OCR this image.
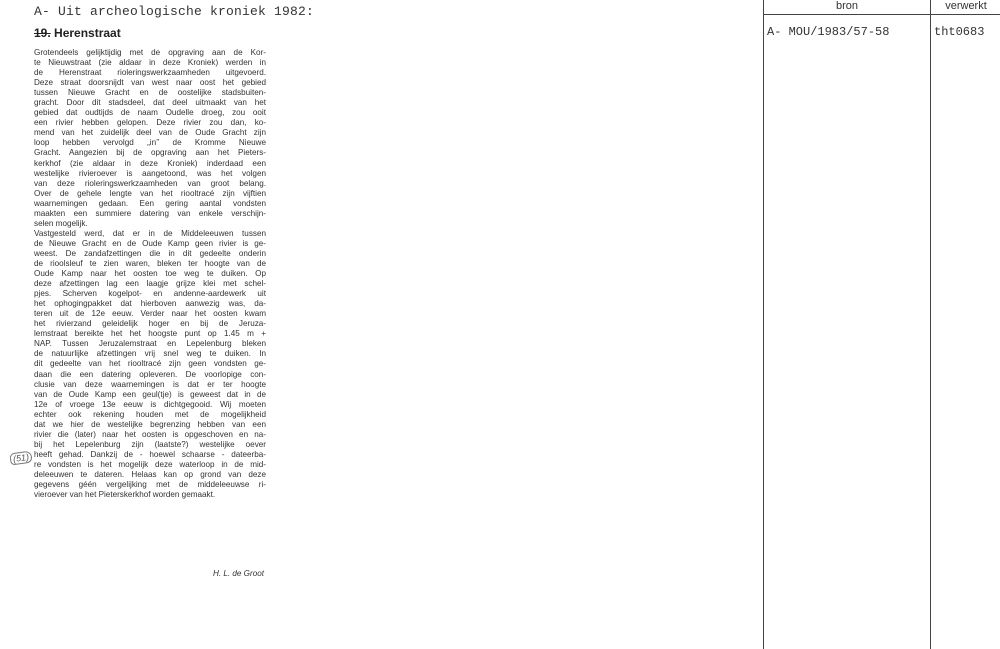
A- Uit archeologische kroniek 1982:
19. Herenstraat
Grotendeels gelijktijdig met de opgraving aan de Kor-
te Nieuwstraat (zie aldaar in deze Kroniek) werden in
de Herenstraat rioleringswerkzaamheden uitgevoerd.
Deze straat doorsnijdt van west naar oost het gebied
tussen Nieuwe Gracht en de oostelijke stadsbuiten-
gracht. Door dit stadsdeel, dat deel uitmaakt van het
gebied dat oudtijds de naam Oudelle droeg, zou ooit
een rivier hebben gelopen. Deze rivier zou dan, ko-
mend van het zuidelijk deel van de Oude Gracht zijn
loop hebben vervolgd „in’’ de Kromme Nieuwe
Gracht. Aangezien bij de opgraving aan het Pieters-
kerkhof (zie aldaar in deze Kroniek) inderdaad een
westelijke rivieroever is aangetoond, was het volgen
van deze rioleringswerkzaamheden van groot belang.
Over de gehele lengte van het riooltracé zijn vijftien
waarnemingen gedaan. Een gering aantal vondsten
maakten een summiere datering van enkele verschijn-
selen mogelijk.
Vastgesteld werd, dat er in de Middeleeuwen tussen
de Nieuwe Gracht en de Oude Kamp geen rivier is ge-
weest. De zandafzettingen die in dit gedeelte onderin
de rioolsleuf te zien waren, bleken ter hoogte van de
Oude Kamp naar het oosten toe weg te duiken. Op
deze afzettingen lag een laagje grijze klei met schel-
pjes. Scherven kogelpot- en andenne-aardewerk uit
het ophogingpakket dat hierboven aanwezig was, da-
teren uit de 12e eeuw. Verder naar het oosten kwam
het rivierzand geleidelijk hoger en bij de Jeruza-
lemstraat bereikte het het hoogste punt op 1.45 m +
NAP. Tussen Jeruzalemstraat en Lepelenburg bleken
de natuurlijke afzettingen vrij snel weg te duiken. In
dit gedeelte van het riooltracé zijn geen vondsten ge-
daan die een datering opleveren. De voorlopige con-
clusie van deze waarnemingen is dat er ter hoogte
van de Oude Kamp een geul(tje) is geweest dat in de
12e of vroege 13e eeuw is dichtgegooid. Wij moeten
echter ook rekening houden met de mogelijkheid
dat we hier de westelijke begrenzing hebben van een
rivier die (later) naar het oosten is opgeschoven en na-
bij het Lepelenburg zijn (laatste?) westelijke oever
heeft gehad. Dankzij de - hoewel schaarse - dateerba-
re vondsten is het mogelijk deze waterloop in de mid-
deleeuwen te dateren. Helaas kan op grond van deze
gegevens géén vergelijking met de middeleeuwse ri-
vieroever van het Pieterskerkhof worden gemaakt.
H. L. de Groot
(51)
bron	verwerkt
A- MOU/1983/57-58	tht0683
